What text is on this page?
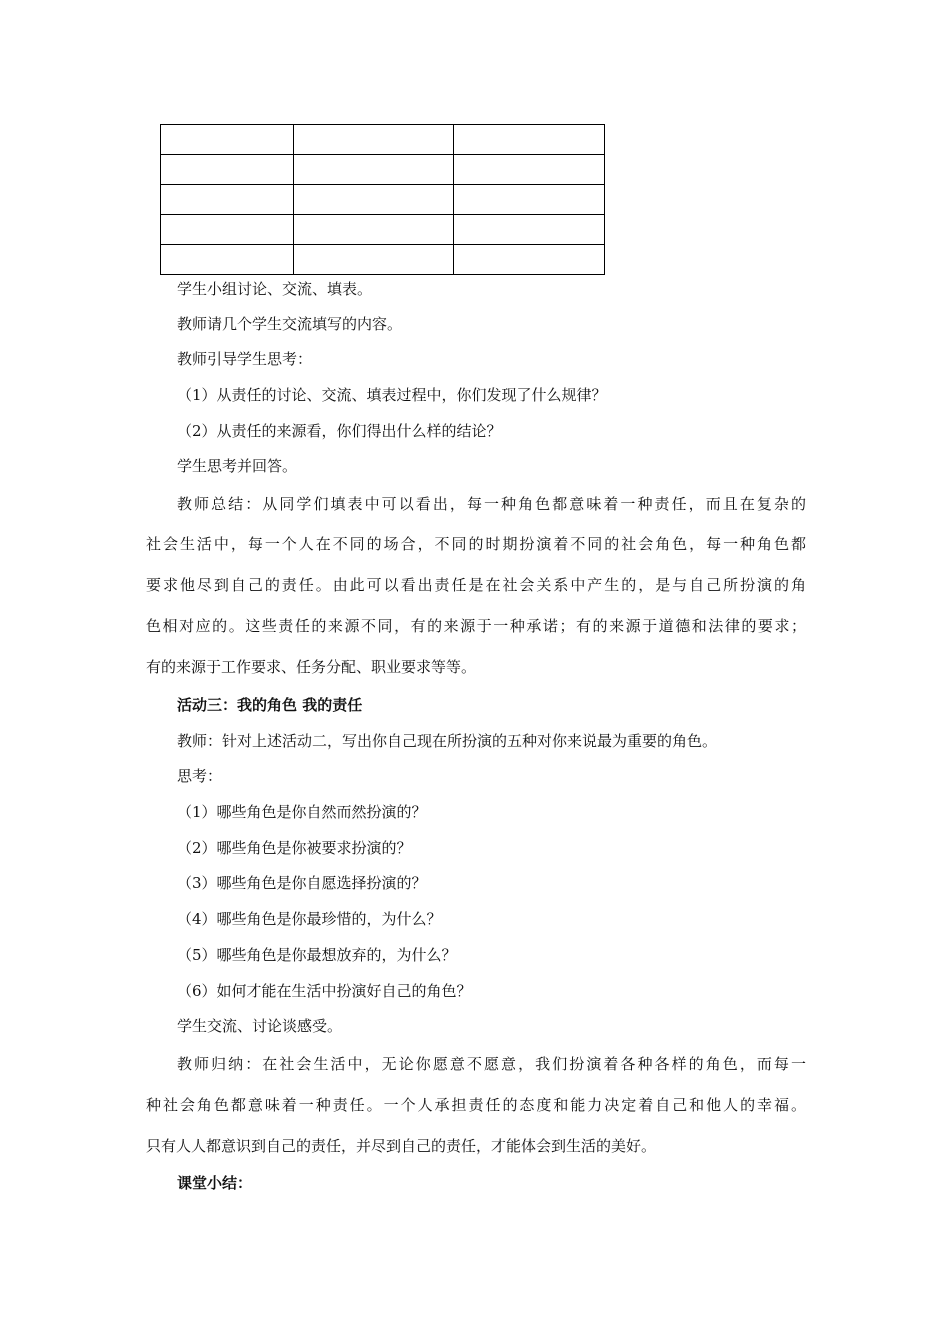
学生小组讨论、交流、填表。
教师请几个学生交流填写的内容。
教师引导学生思考：
（1）从责任的讨论、交流、填表过程中，你们发现了什么规律？
（2）从责任的来源看，你们得出什么样的结论？
学生思考并回答。
教师总结：从同学们填表中可以看出，每一种角色都意味着一种责任，而且在复杂的
社会生活中，每一个人在不同的场合，不同的时期扮演着不同的社会角色，每一种角色都
要求他尽到自己的责任。由此可以看出责任是在社会关系中产生的，是与自己所扮演的角
色相对应的。这些责任的来源不同，有的来源于一种承诺；有的来源于道德和法律的要求；
有的来源于工作要求、任务分配、职业要求等等。
活动三：我的角色 我的责任
教师：针对上述活动二，写出你自己现在所扮演的五种对你来说最为重要的角色。
思考：
（1）哪些角色是你自然而然扮演的？
（2）哪些角色是你被要求扮演的？
（3）哪些角色是你自愿选择扮演的？
（4）哪些角色是你最珍惜的，为什么？
（5）哪些角色是你最想放弃的，为什么？
（6）如何才能在生活中扮演好自己的角色？
学生交流、讨论谈感受。
教师归纳：在社会生活中，无论你愿意不愿意，我们扮演着各种各样的角色，而每一
种社会角色都意味着一种责任。一个人承担责任的态度和能力决定着自己和他人的幸福。
只有人人都意识到自己的责任，并尽到自己的责任，才能体会到生活的美好。
课堂小结：
